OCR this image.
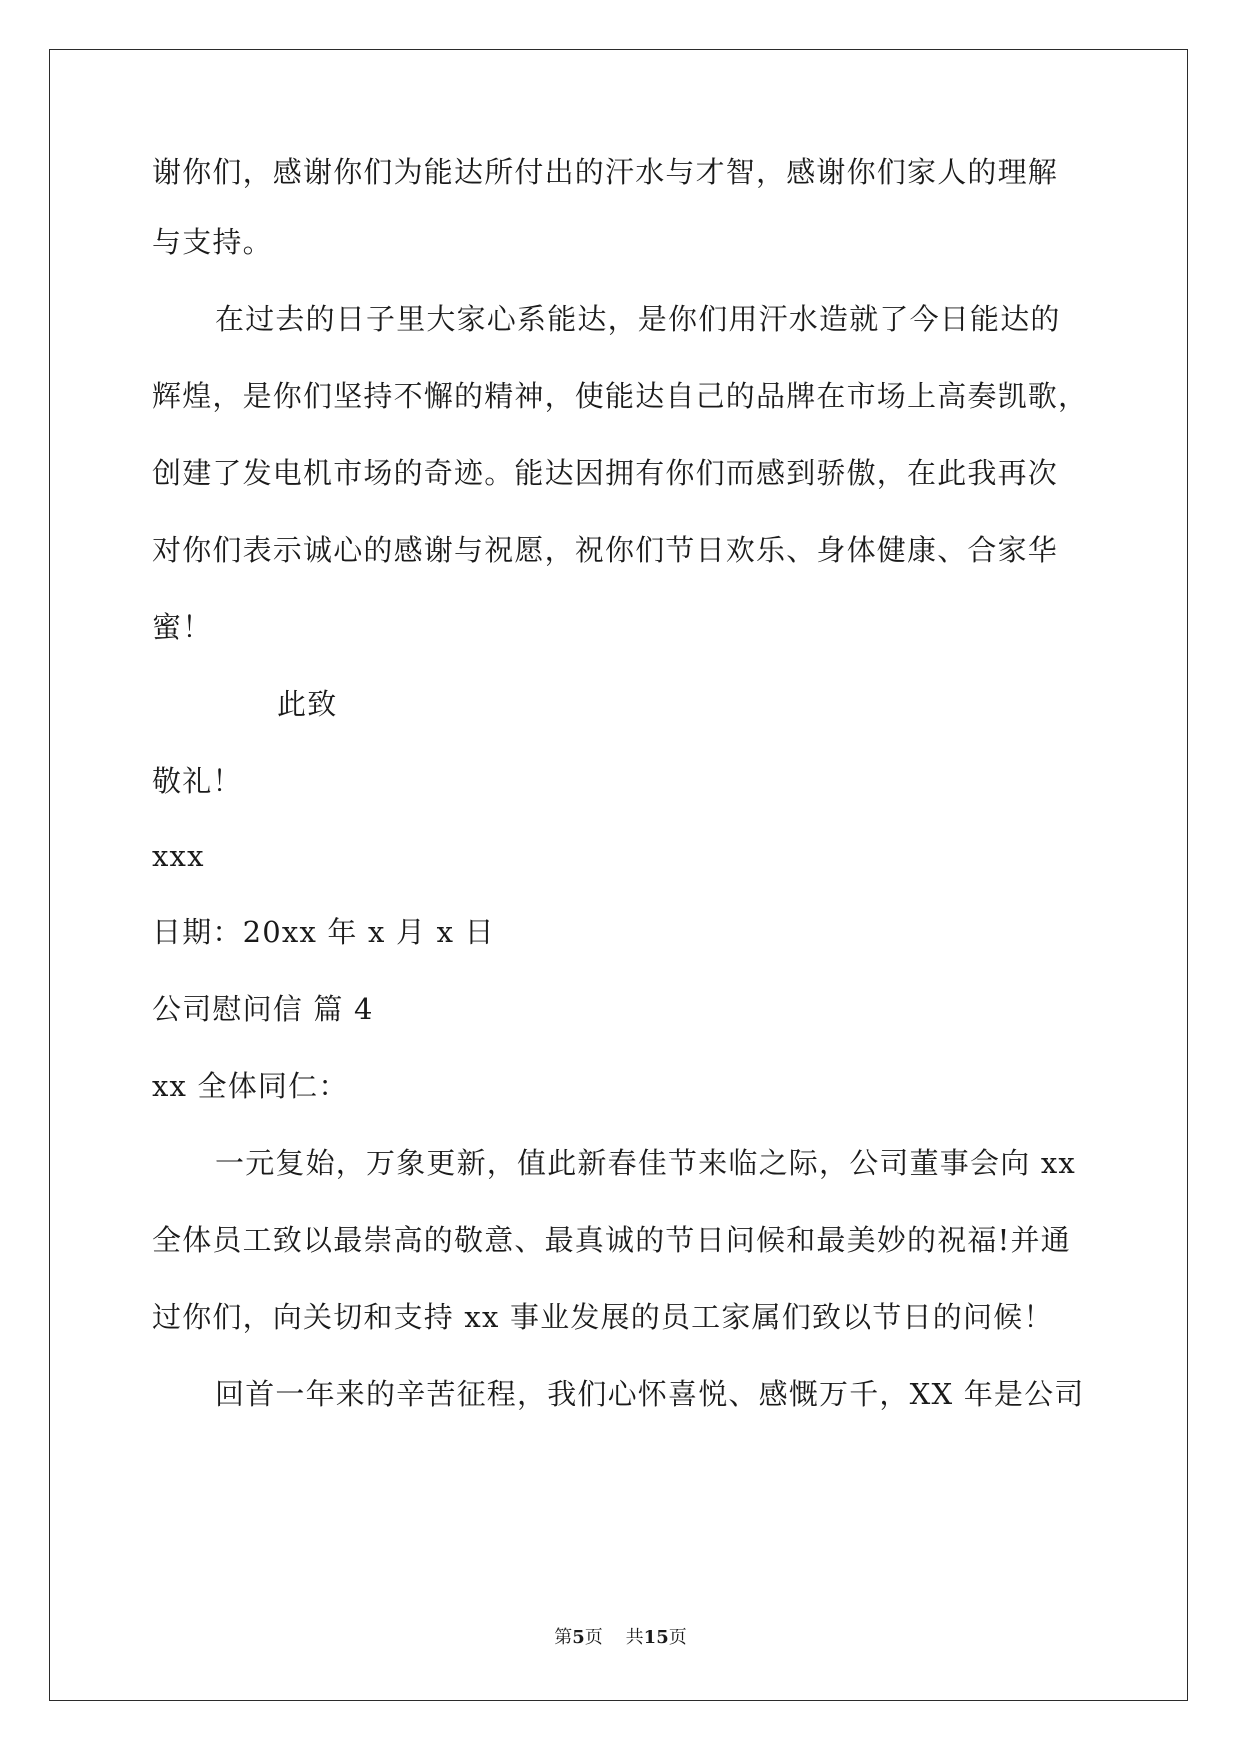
谢你们，感谢你们为能达所付出的汗水与才智，感谢你们家人的理解
与支持。
在过去的日子里大家心系能达，是你们用汗水造就了今日能达的
辉煌，是你们坚持不懈的精神，使能达自己的品牌在市场上高奏凯歌，
创建了发电机市场的奇迹。能达因拥有你们而感到骄傲，在此我再次
对你们表示诚心的感谢与祝愿，祝你们节日欢乐、身体健康、合家华
蜜！
此致
敬礼！
xxx
日期：20xx 年 x 月 x 日
公司慰问信 篇 4
xx 全体同仁：
一元复始，万象更新，值此新春佳节来临之际，公司董事会向 xx
全体员工致以最崇高的敬意、最真诚的节日问候和最美妙的祝福!并通
过你们，向关切和支持 xx 事业发展的员工家属们致以节日的问候！
回首一年来的辛苦征程，我们心怀喜悦、感慨万千，XX 年是公司
第5页    共15页
